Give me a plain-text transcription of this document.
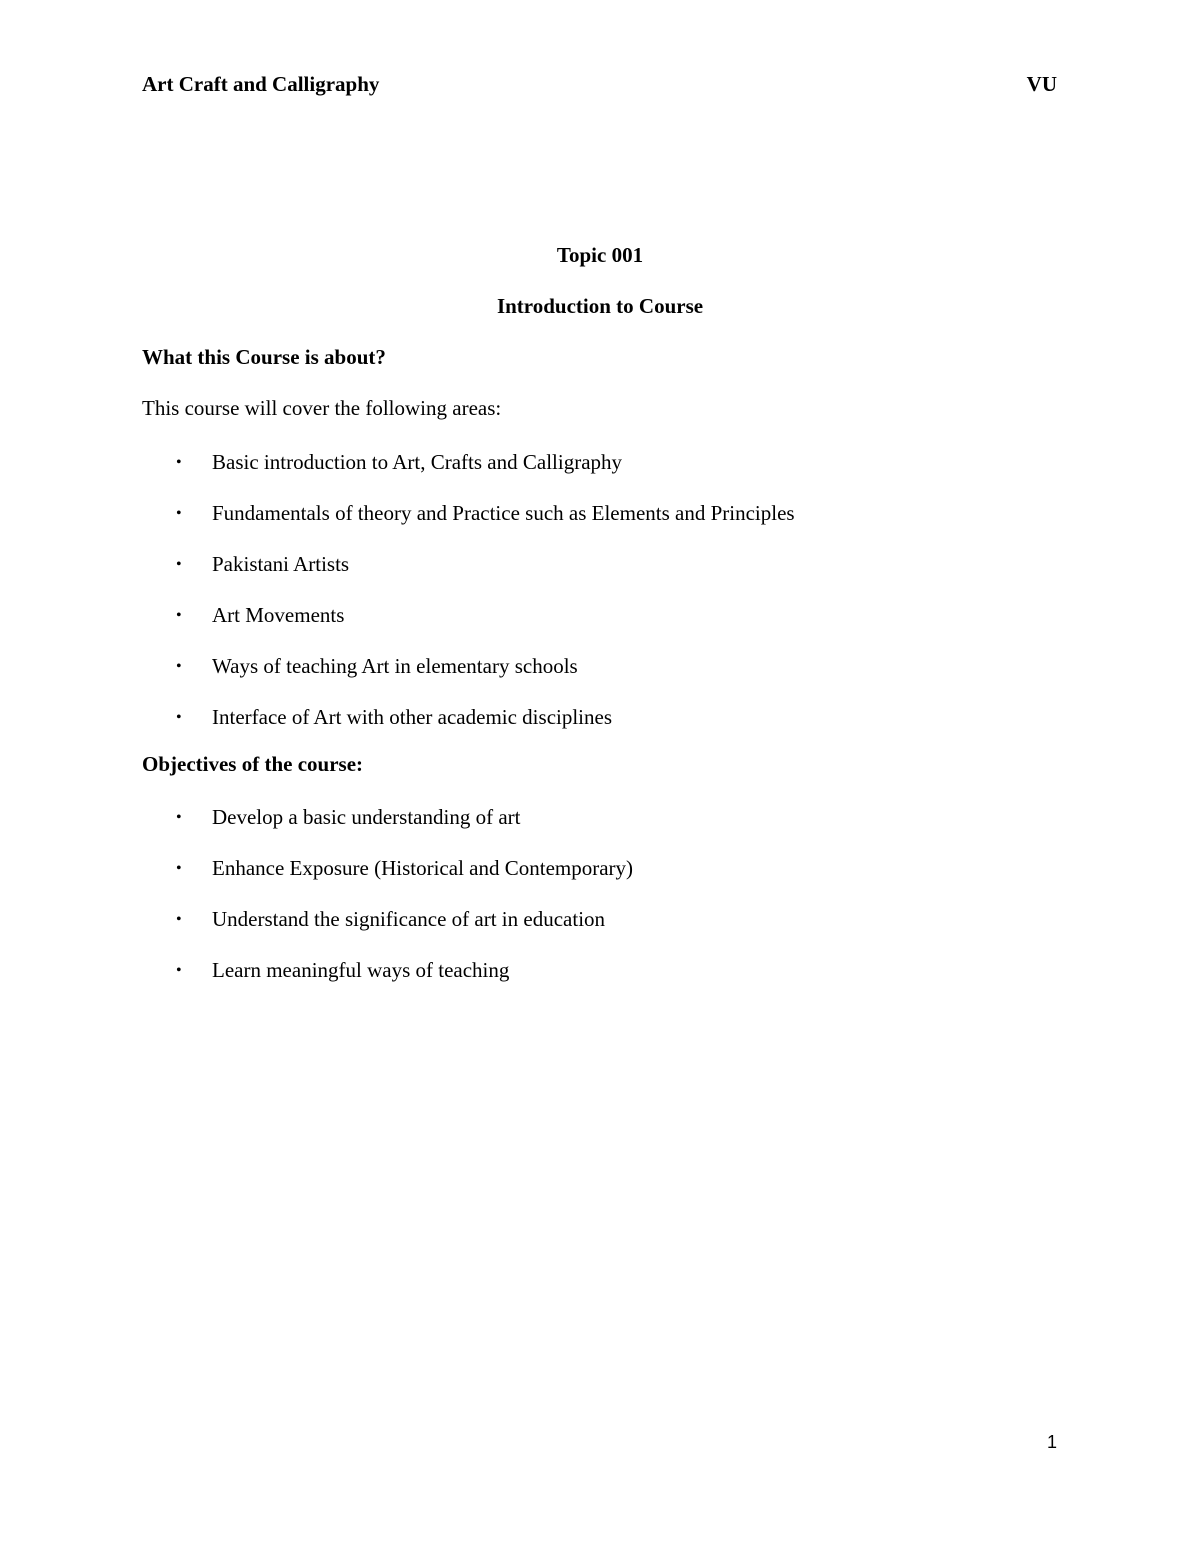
Art Craft and Calligraphy	VU
Topic 001
Introduction to Course
What this Course is about?
This course will cover the following areas:
• Basic introduction to Art, Crafts and Calligraphy
• Fundamentals of theory and Practice such as Elements and Principles
• Pakistani Artists
• Art Movements
• Ways of teaching Art in elementary schools
• Interface of Art with other academic disciplines
Objectives of the course:
• Develop a basic understanding of art
• Enhance Exposure (Historical and Contemporary)
• Understand the significance of art in education
• Learn meaningful ways of teaching
1
